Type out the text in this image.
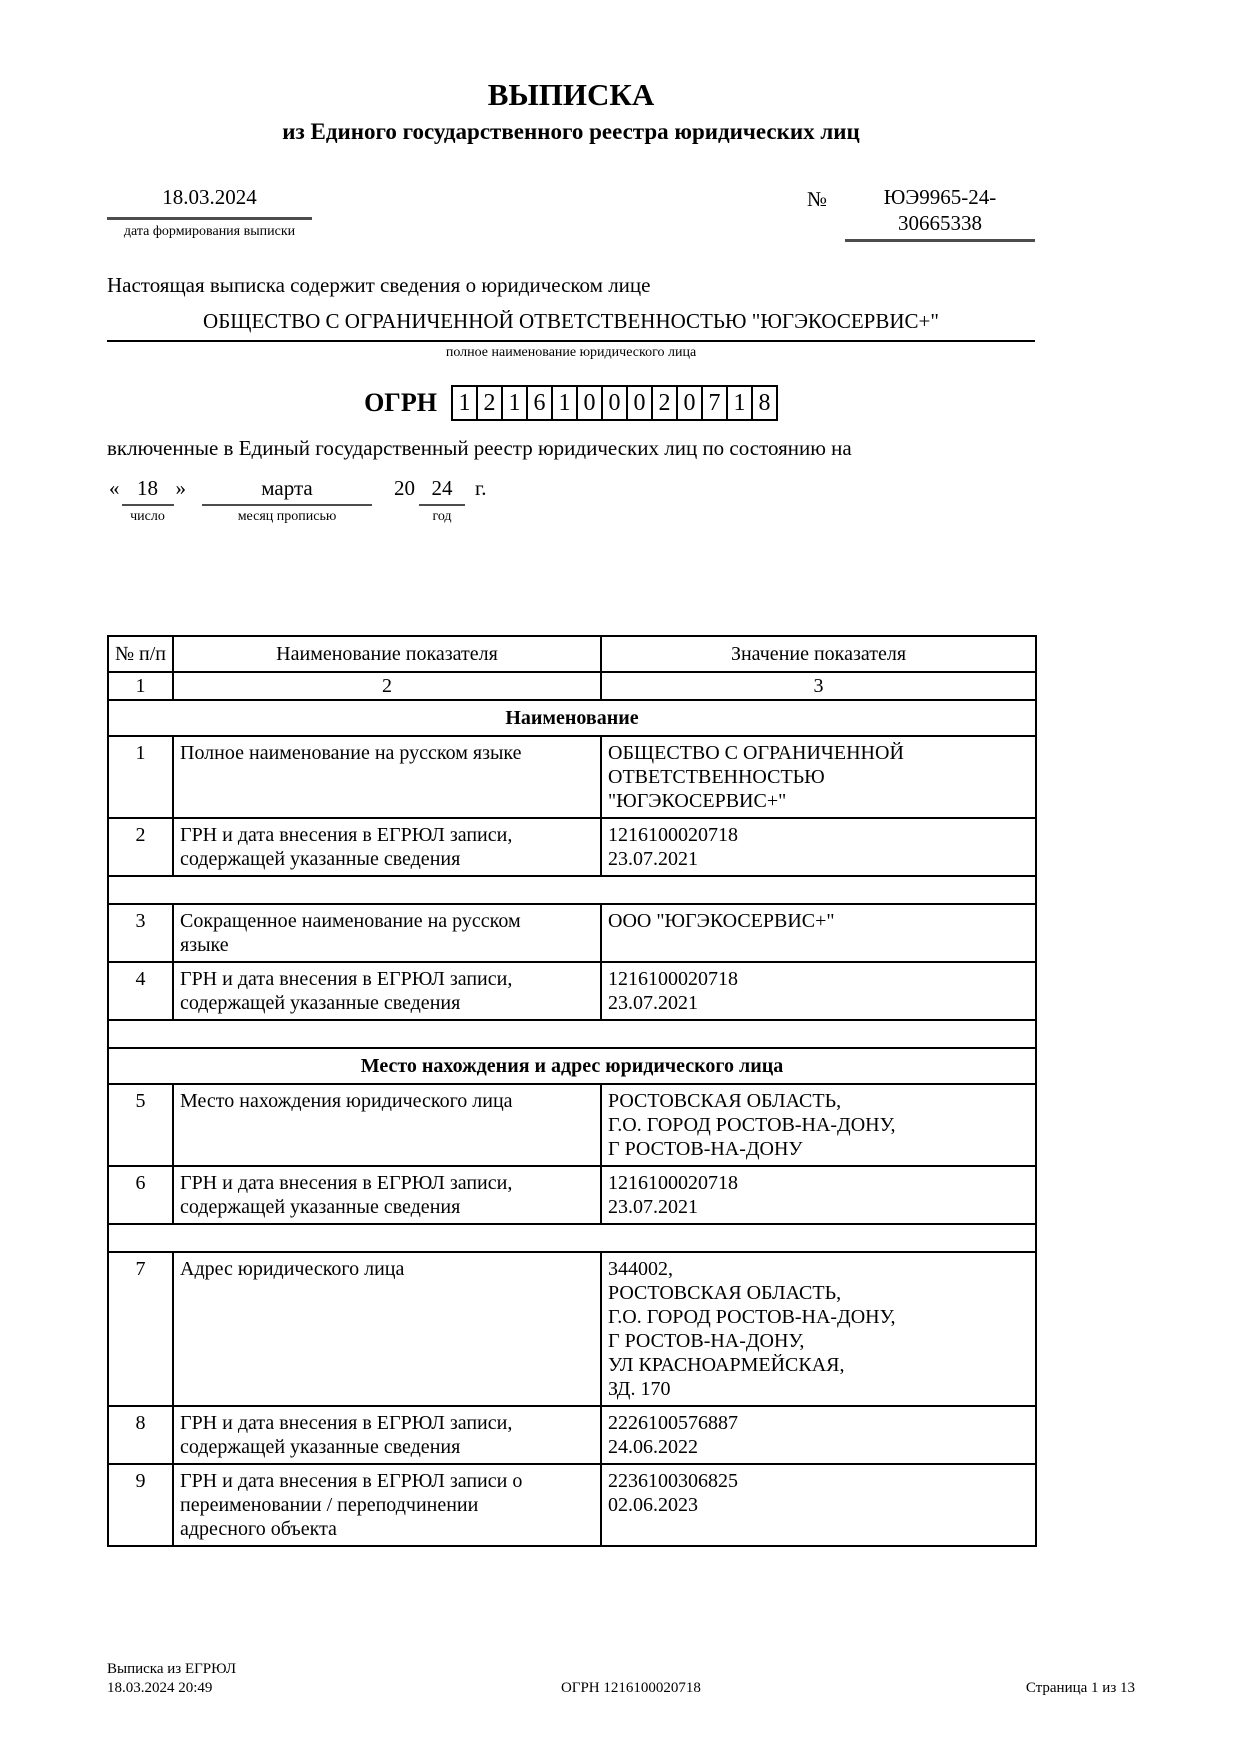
ВЫПИСКА
из Единого государственного реестра юридических лиц
18.03.2024
дата формирования выписки
№	ЮЭ9965-24-
30665338
Настоящая выписка содержит сведения о юридическом лице
ОБЩЕСТВО С ОГРАНИЧЕННОЙ ОТВЕТСТВЕННОСТЬЮ "ЮГЭКОСЕРВИС+"
полное наименование юридического лица
ОГРН 1 2 1 6 1 0 0 0 2 0 7 1 8
включенные в Единый государственный реестр юридических лиц по состоянию на
« 18
число
»	марта
месяц прописью
20 24
год
г.
№ п/п	Наименование показателя	Значение показателя
1	2	3
Наименование		
1	Полное наименование на русском языке	ОБЩЕСТВО С ОГРАНИЧЕННОЙ
ОТВЕТСТВЕННОСТЬЮ
"ЮГЭКОСЕРВИС+"

2	ГРН и дата внесения в ЕГРЮЛ записи, содержащей указанные сведения	1216100020718
23.07.2021

3	Сокращенное наименование на русском языке	ООО "ЮГЭКОСЕРВИС+"

4	ГРН и дата внесения в ЕГРЮЛ записи, содержащей указанные сведения	1216100020718
23.07.2021

Место нахождения и адрес юридического лица		
5	Место нахождения юридического лица	РОСТОВСКАЯ ОБЛАСТЬ,
Г.О. ГОРОД РОСТОВ-НА-ДОНУ,
Г РОСТОВ-НА-ДОНУ

6	ГРН и дата внесения в ЕГРЮЛ записи, содержащей указанные сведения	1216100020718
23.07.2021

7	Адрес юридического лица	344002,
РОСТОВСКАЯ ОБЛАСТЬ,
Г.О. ГОРОД РОСТОВ-НА-ДОНУ,
Г РОСТОВ-НА-ДОНУ,
УЛ КРАСНОАРМЕЙСКАЯ,
ЗД. 170

8	ГРН и дата внесения в ЕГРЮЛ записи, содержащей указанные сведения	2226100576887
24.06.2022

9	ГРН и дата внесения в ЕГРЮЛ записи о переименовании / переподчинении адресного объекта	2236100306825
02.06.2023
Выписка из ЕГРЮЛ
18.03.2024 20:49	ОГРН 1216100020718	Страница 1 из 13
